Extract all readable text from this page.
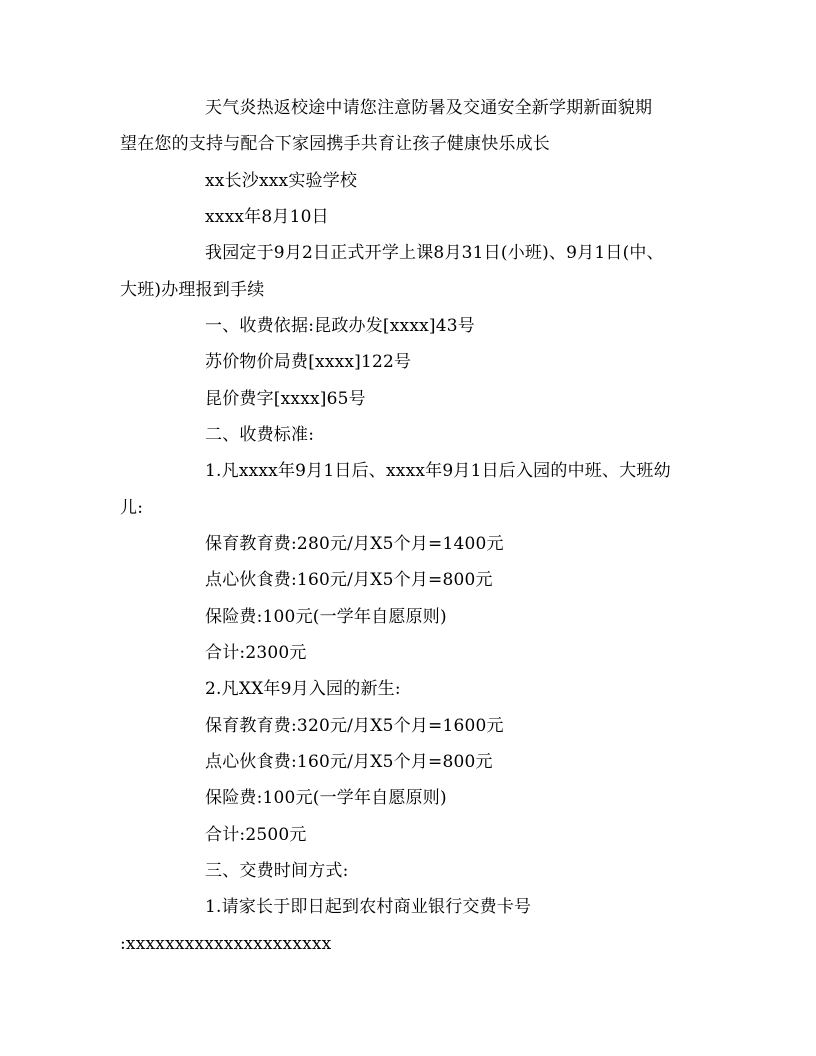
天气炎热返校途中请您注意防暑及交通安全新学期新面貌期
望在您的支持与配合下家园携手共育让孩子健康快乐成长
xx长沙xxx实验学校
xxxx年8月10日
我园定于9月2日正式开学上课8月31日(小班)、9月1日(中、
大班)办理报到手续
一、收费依据:昆政办发[xxxx]43号
苏价物价局费[xxxx]122号
昆价费字[xxxx]65号
二、收费标准:
1.凡xxxx年9月1日后、xxxx年9月1日后入园的中班、大班幼
儿:
保育教育费:280元/月X5个月=1400元
点心伙食费:160元/月X5个月=800元
保险费:100元(一学年自愿原则)
合计:2300元
2.凡XX年9月入园的新生:
保育教育费:320元/月X5个月=1600元
点心伙食费:160元/月X5个月=800元
保险费:100元(一学年自愿原则)
合计:2500元
三、交费时间方式:
1.请家长于即日起到农村商业银行交费卡号
:xxxxxxxxxxxxxxxxxxxxx
